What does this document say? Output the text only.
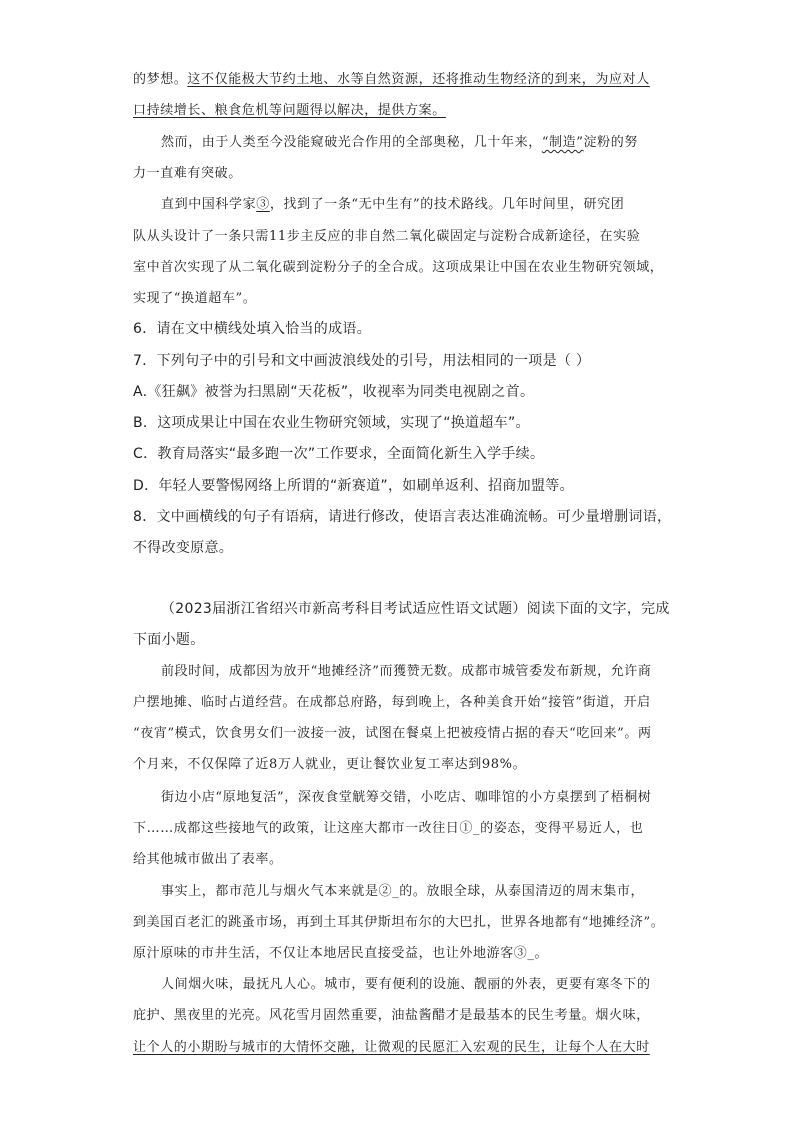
的梦想。这不仅能极大节约土地、水等自然资源，还将推动生物经济的到来，为应对人
口持续增长、粮食危机等问题得以解决，提供方案。
然而，由于人类至今没能窥破光合作用的全部奥秘，几十年来，“制造”淀粉的努
力一直难有突破。
直到中国科学家③，找到了一条“无中生有”的技术路线。几年时间里，研究团
队从头设计了一条只需11步主反应的非自然二氧化碳固定与淀粉合成新途径，在实验
室中首次实现了从二氧化碳到淀粉分子的全合成。这项成果让中国在农业生物研究领域，
实现了“换道超车”。
6．请在文中横线处填入恰当的成语。
7．下列句子中的引号和文中画波浪线处的引号，用法相同的一项是（ ）
A.《狂飙》被誉为扫黑剧“天花板”，收视率为同类电视剧之首。
B．这项成果让中国在农业生物研究领域，实现了“换道超车”。
C．教育局落实“最多跑一次”工作要求，全面简化新生入学手续。
D．年轻人要警惕网络上所谓的“新赛道”，如刷单返利、招商加盟等。
8．文中画横线的句子有语病，请进行修改，使语言表达准确流畅。可少量增删词语，
不得改变原意。
（2023届浙江省绍兴市新高考科目考试适应性语文试题）阅读下面的文字，完成
下面小题。
前段时间，成都因为放开“地摊经济”而獲赞无数。成都市城管委发布新规，允许商
户摆地摊、临时占道经营。在成都总府路，每到晚上，各种美食开始“接管”街道，开启
“夜宵”模式，饮食男女们一波接一波，试图在餐桌上把被疫情占据的春天“吃回来”。两
个月来，不仅保障了近8万人就业，更让餐饮业复工率达到98%。
街边小店“原地复活”，深夜食堂觥筹交错，小吃店、咖啡馆的小方桌摆到了梧桐树
下……成都这些接地气的政策，让这座大都市一改往日①_的姿态，变得平易近人，也
给其他城市做出了表率。
事实上，都市范儿与烟火气本来就是②_的。放眼全球，从泰国清迈的周末集市，
到美国百老汇的跳蚤市场，再到土耳其伊斯坦布尔的大巴扎，世界各地都有“地摊经济”。
原汁原味的市井生活，不仅让本地居民直接受益，也让外地游客③_。
人间烟火味，最抚凡人心。城市，要有便利的设施、靓丽的外表，更要有寒冬下的
庇护、黑夜里的光亮。风花雪月固然重要，油盐酱醋才是最基本的民生考量。烟火味，
让个人的小期盼与城市的大情怀交融，让微观的民愿汇入宏观的民生，让每个人在大时
